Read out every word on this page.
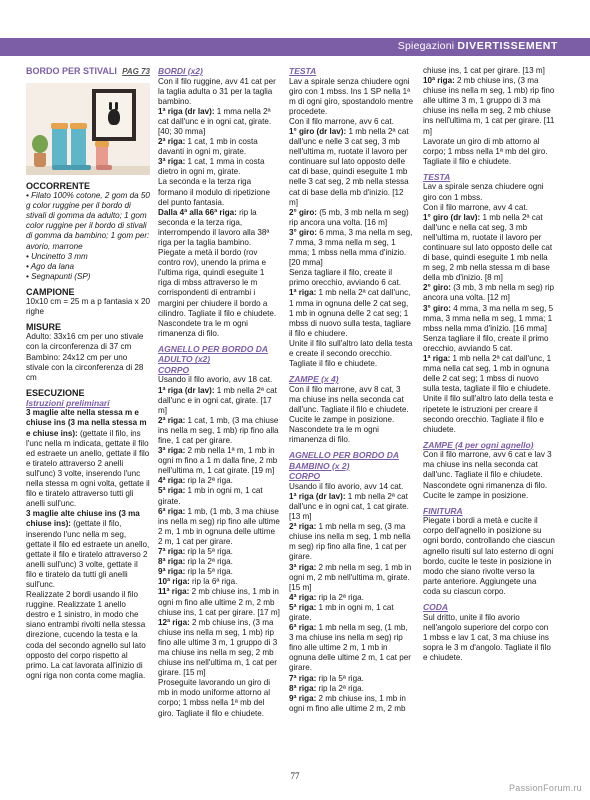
Spiegazioni DIVERTISSEMENT
BORDO PER STIVALI PAG 73
OCCORRENTE

• Filato 100% cotone, 2 gom da 50 g color ruggine per il bordo di stivali di gomma da adulto; 1 gom color ruggine per il bordo di stivali di gomma da bambino; 1 gom per: avorio, marrone

• Uncinetto 3 mm

• Ago da lana

• Segnapunti (SP)

CAMPIONE

10x10 cm = 25 m a p fantasia x 20 righe

MISURE

Adulto: 33x16 cm per uno stivale con la circonferenza di 37 cm Bambino: 24x12 cm per uno stivale con la circonferenza di 28 cm

ESECUZIONE
Istruzioni preliminari

3 maglie alte nella stessa m e chiuse ins (3 ma nella stessa m e chiuse ins): (gettate il filo, ins l'unc nella m indicata, gettate il filo ed estraete un anello, gettate il filo e tiratelo attraverso 2 anelli sull'unc) 3 volte, inserendo l'unc nella stessa m ogni volta, gettate il filo e tiratelo attraverso tutti gli anelli sull'unc.

3 maglie alte chiuse ins (3 ma chiuse ins): (gettate il filo, inserendo l'unc nella m seg, gettate il filo ed estraete un anello, gettate il filo e tiratelo attraverso 2 anelli sull'unc) 3 volte, gettate il filo e tiratelo da tutti gli anelli sull'unc.

Realizzate 2 bordi usando il filo ruggine. Realizzate 1 anello destro e 1 sinistro, in modo che siano entrambi rivolti nella stessa direzione, cucendo la testa e la coda del secondo agnello sul lato opposto del corpo rispetto al primo. La cat lavorata all'inizio di ogni riga non conta come maglia.

BORDI (x2)

Con il filo ruggine, avv 41 cat per la taglia adulta o 31 per la taglia bambino.

1ª riga (dr lav): 1 mma nella 2ª cat dall'unc e in ogni cat, girate. [40; 30 mma]

2ª riga: 1 cat, 1 mb in costa davanti in ogni m, girate.

3ª riga: 1 cat, 1 mma in costa dietro in ogni m, girate.

La seconda e la terza riga formano il modulo di ripetizione del punto fantasia.

Dalla 4ª alla 66ª riga: rip la seconda e la terza riga, interrompendo il lavoro alla 38ª riga per la taglia bambino.

Piegate a metà il bordo (rov contro rov), unendo la prima e l'ultima riga, quindi eseguite 1 riga di mbss attraverso le m corrispondenti di entrambi i margini per chiudere il bordo a cilindro. Tagliate il filo e chiudete. Nascondete tra le m ogni rimanenza di filo.

AGNELLO PER BORDO DA ADULTO (x2)
CORPO

Usando il filo avorio, avv 18 cat.

1ª riga (dr lav): 1 mb nella 2ª cat dall'unc e in ogni cat, girate. [17 m]

2ª riga: 1 cat, 1 mb, (3 ma chiuse ins nella m seg, 1 mb) rip fino alla fine, 1 cat per girare.

3ª riga: 2 mb nella 1ª m, 1 mb in ogni m fino a 1 m dalla fine, 2 mb nell'ultima m, 1 cat girate. [19 m]

4ª riga: rip la 2ª riga.

5ª riga: 1 mb in ogni m, 1 cat girate.

6ª riga: 1 mb, (1 mb, 3 ma chiuse ins nella m seg) rip fino alle ultime 2 m, 1 mb in ognuna delle ultime 2 m, 1 cat per girare.

7ª riga: rip la 5ª riga.

8ª riga: rip la 2ª riga.

9ª riga: rip la 5ª riga.

10ª riga: rip la 6ª riga.

11ª riga: 2 mb chiuse ins, 1 mb in ogni m fino alle ultime 2 m, 2 mb chiuse ins, 1 cat per girare. [17 m]

12ª riga: 2 mb chiuse ins, (3 ma chiuse ins nella m seg, 1 mb) rip fino alle ultime 3 m, 1 gruppo di 3 ma chiuse ins nella m seg, 2 mb chiuse ins nell'ultima m, 1 cat per girare. [15 m]

Proseguite lavorando un giro di mb in modo uniforme attorno al corpo; 1 mbss nella 1ª mb del giro. Tagliate il filo e chiudete.

TESTA

Lav a spirale senza chiudere ogni giro con 1 mbss. Ins 1 SP nella 1ª m di ogni giro, spostandolo mentre procedete.

Con il filo marrone, avv 6 cat.

1° giro (dr lav): 1 mb nella 2ª cat dall'unc e nelle 3 cat seg, 3 mb nell'ultima m, ruotate il lavoro per continuare sul lato opposto delle cat di base, quindi eseguite 1 mb nelle 3 cat seg, 2 mb nella stessa cat di base della mb d'inizio. [12 m]

2° giro: (5 mb, 3 mb nella m seg) rip ancora una volta. [16 m]

3° giro: 6 mma, 3 ma nella m seg, 7 mma, 3 mma nella m seg, 1 mma; 1 mbss nella mma d'inizio. [20 mma]

Senza tagliare il filo, create il primo orecchio, avviando 6 cat.

1ª riga: 1 mb nella 2ª cat dall'unc, 1 mma in ognuna delle 2 cat seg, 1 mb in ognuna delle 2 cat seg; 1 mbss di nuovo sulla testa, tagliare il filo e chiudere.

Unite il filo sull'altro lato della testa e create il secondo orecchio. Tagliate il filo e chiudete.

ZAMPE (x 4)

Con il filo marrone, avv 8 cat, 3 ma chiuse ins nella seconda cat dall'unc. Tagliate il filo e chiudete. Cucite le zampe in posizione. Nascondete tra le m ogni rimanenza di filo.

AGNELLO PER BORDO DA BAMBINO (x 2)
CORPO

Usando il filo avorio, avv 14 cat.

1ª riga (dr lav): 1 mb nella 2ª cat dall'unc e in ogni cat, 1 cat girate. [13 m]

2ª riga: 1 mb nella m seg, (3 ma chiuse ins nella m seg, 1 mb nella m seg) rip fino alla fine, 1 cat per girare.

3ª riga: 2 mb nella m seg, 1 mb in ogni m, 2 mb nell'ultima m, girate. [15 m]

4ª riga: rip la 2ª riga.

5ª riga: 1 mb in ogni m, 1 cat girate.

6ª riga: 1 mb nella m seg, (1 mb, 3 ma chiuse ins nella m seg) rip fino alle ultime 2 m, 1 mb in ognuna delle ultime 2 m, 1 cat per girare.

7ª riga: rip la 5ª riga.

8ª riga: rip la 2ª riga.

9ª riga: 2 mb chiuse ins, 1 mb in ogni m fino alle ultime 2 m, 2 mb

chiuse ins, 1 cat per girare. [13 m]

10ª riga: 2 mb chiuse ins, (3 ma chiuse ins nella m seg, 1 mb) rip fino alle ultime 3 m, 1 gruppo di 3 ma chiuse ins nella m seg, 2 mb chiuse ins nell'ultima m, 1 cat per girare. [11 m]

Lavorate un giro di mb attorno al corpo; 1 mbss nella 1ª mb del giro. Tagliate il filo e chiudete.

TESTA

Lav a spirale senza chiudere ogni giro con 1 mbss.

Con il filo marrone, avv 4 cat.

1° giro (dr lav): 1 mb nella 2ª cat dall'unc e nella cat seg, 3 mb nell'ultima m, ruotate il lavoro per continuare sul lato opposto delle cat di base, quindi eseguite 1 mb nella m seg, 2 mb nella stessa m di base della mb d'inizio. [8 m]

2° giro: (3 mb, 3 mb nella m seg) rip ancora una volta. [12 m]

3° giro: 4 mma, 3 ma nella m seg, 5 mma, 3 mma nella m seg, 1 mma; 1 mbss nella mma d'inizio. [16 mma]

Senza tagliare il filo, create il primo orecchio, avviando 5 cat.

1ª riga: 1 mb nella 2ª cat dall'unc, 1 mma nella cat seg, 1 mb in ognuna delle 2 cat seg; 1 mbss di nuovo sulla testa, tagliate il filo e chiudete.

Unite il filo sull'altro lato della testa e ripetete le istruzioni per creare il secondo orecchio. Tagliate il filo e chiudete.

ZAMPE (4 per ogni agnello)

Con il filo marrone, avv 6 cat e lav 3 ma chiuse ins nella seconda cat dall'unc. Tagliate il filo e chiudete. Nascondete ogni rimanenza di filo. Cucite le zampe in posizione.

FINITURA

Piegate i bordi a metà e cucite il corpo dell'agnello in posizione su ogni bordo, controllando che ciascun agnello risulti sul lato esterno di ogni bordo, cucite le teste in posizione in modo che siano rivolte verso la parte anteriore. Aggiungete una coda su ciascun corpo.

CODA

Sul dritto, unite il filo avorio nell'angolo superiore del corpo con 1 mbss e lav 1 cat, 3 ma chiuse ins sopra le 3 m d'angolo. Tagliate il filo e chiudete.

77
PassionForum.ru
